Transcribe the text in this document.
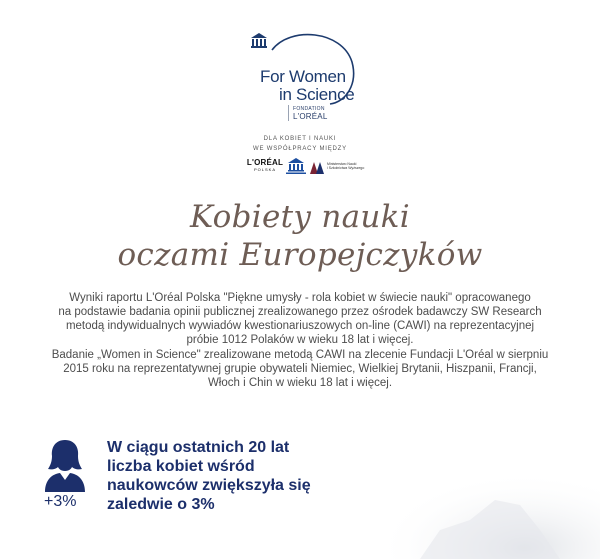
For Women
in Science
FONDATION
L'ORÉAL
DLA KOBIET I NAUKI
WE WSPÓŁPRACY MIĘDZY
L'ORÉAL
POLSKA
Ministerstwo Nauki
i Szkolnictwa Wyższego
Kobiety nauki
oczami Europejczyków
Wyniki raportu L'Oréal Polska "Piękne umysły - rola kobiet w świecie nauki" opracowanego
na podstawie badania opinii publicznej zrealizowanego przez ośrodek badawczy SW Research
metodą indywidualnych wywiadów kwestionariuszowych on-line (CAWI) na reprezentacyjnej
próbie 1012 Polaków w wieku 18 lat i więcej.
Badanie „Women in Science" zrealizowane metodą CAWI na zlecenie Fundacji L'Oréal w sierpniu
2015 roku na reprezentatywnej grupie obywateli Niemiec, Wielkiej Brytanii, Hiszpanii, Francji,
Włoch i Chin w wieku 18 lat i więcej.
+3%
W ciągu ostatnich 20 lat
liczba kobiet wśród
naukowców zwiększyła się
zaledwie o 3%
